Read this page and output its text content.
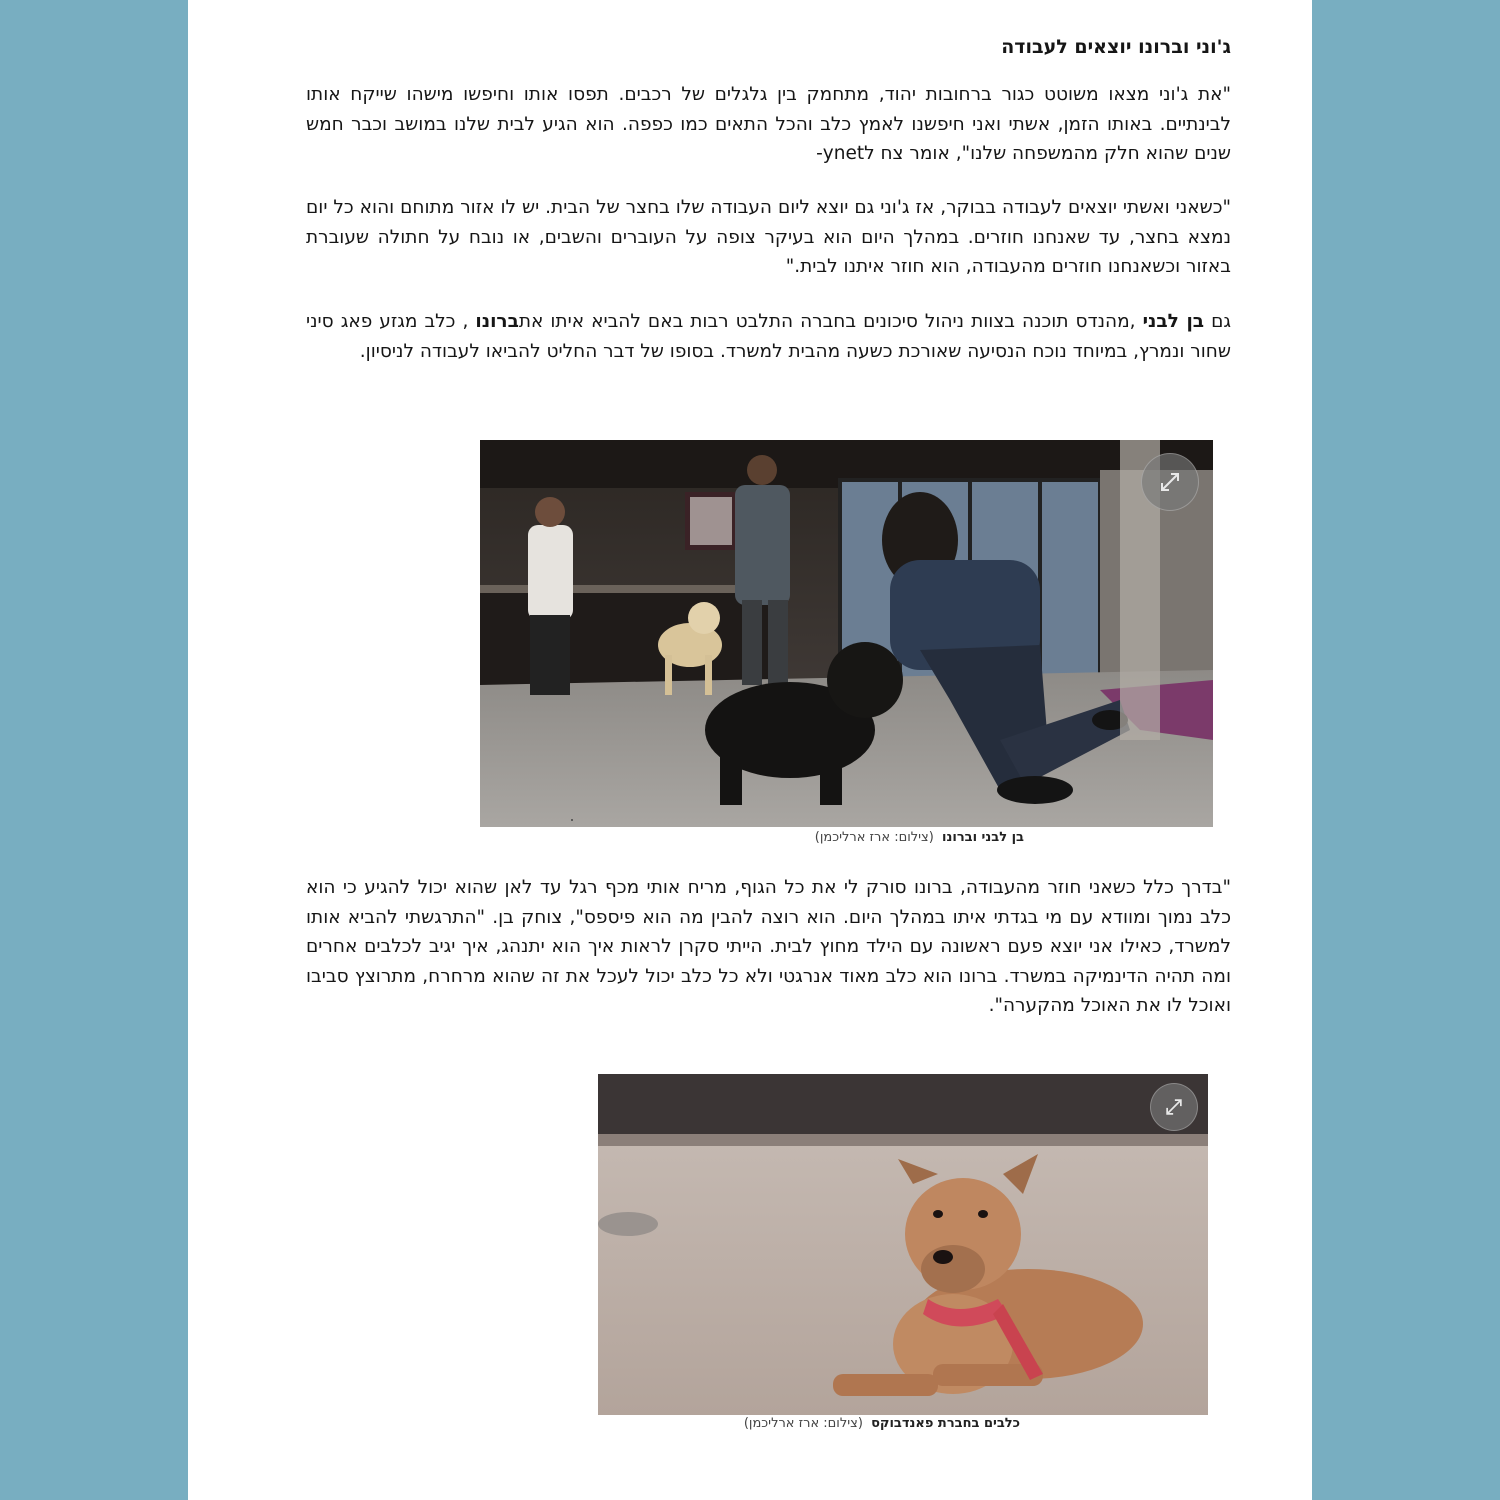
ג'וני וברונו יוצאים לעבודה

"את ג'וני מצאו משוטט כגור ברחובות יהוד, מתחמק בין גלגלים של רכבים. תפסו אותו וחיפשו מישהו שייקח אותו לבינתיים. באותו הזמן, אשתי ואני חיפשנו לאמץ כלב והכל התאים כמו כפפה. הוא הגיע לבית שלנו במושב וכבר חמש שנים שהוא חלק מהמשפחה שלנו", אומר צח לynet-

"כשאני ואשתי יוצאים לעבודה בבוקר, אז ג'וני גם יוצא ליום העבודה שלו בחצר של הבית. יש לו אזור מתוחם והוא כל יום נמצא בחצר, עד שאנחנו חוזרים. במהלך היום הוא בעיקר צופה על העוברים והשבים, או נובח על חתולה שעוברת באזור וכשאנחנו חוזרים מהעבודה, הוא חוזר איתנו לבית."

גם בן לבני ,מהנדס תוכנה בצוות ניהול סיכונים בחברה התלבט רבות באם להביא איתו אתברונו , כלב מגזע פאג סיני שחור ונמרץ, במיוחד נוכח הנסיעה שאורכת כשעה מהבית למשרד. בסופו של דבר החליט להביאו לעבודה לניסיון.

בן לבני וברונו (צילום: ארז ארליכמן)

"בדרך כלל כשאני חוזר מהעבודה, ברונו סורק לי את כל הגוף, מריח אותי מכף רגל עד לאן שהוא יכול להגיע כי הוא כלב נמוך ומוודא עם מי בגדתי איתו במהלך היום. הוא רוצה להבין מה הוא פיספס", צוחק בן. "התרגשתי להביא אותו למשרד, כאילו אני יוצא פעם ראשונה עם הילד מחוץ לבית. הייתי סקרן לראות איך הוא יתנהג, איך יגיב לכלבים אחרים ומה תהיה הדינמיקה במשרד. ברונו הוא כלב מאוד אנרגטי ולא כל כלב יכול לעכל את זה שהוא מרחרח, מתרוצץ סביבו ואוכל לו את האוכל מהקערה".

כלבים בחברת פאנדבוקס (צילום: ארז ארליכמן)
